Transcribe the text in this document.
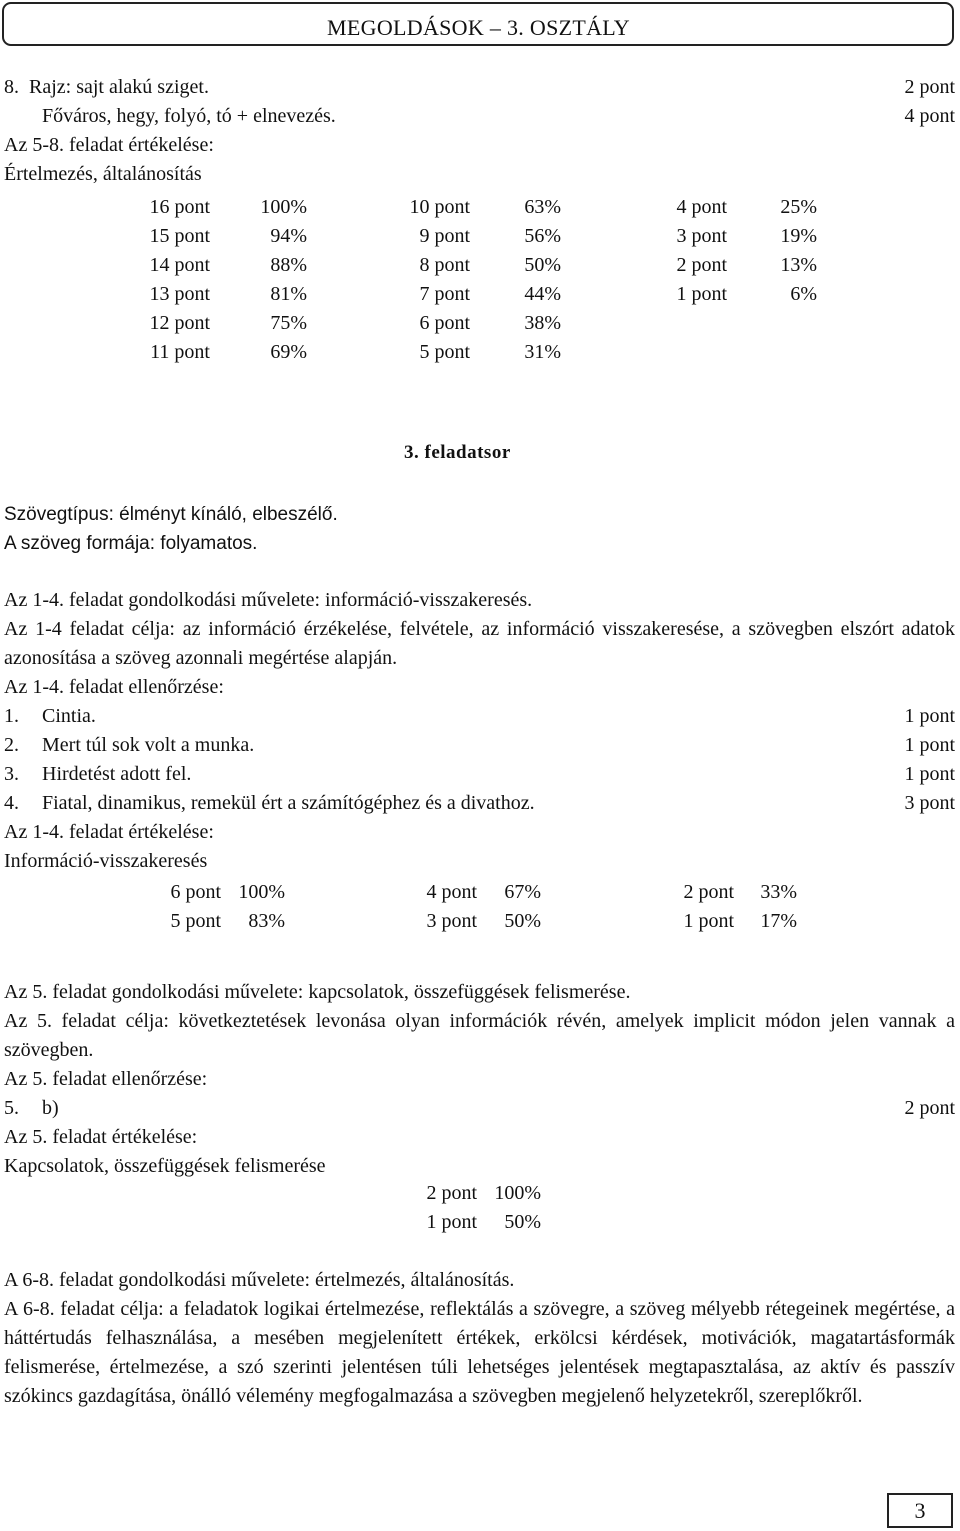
MEGOLDÁSOK – 3. OSZTÁLY
8.  Rajz: sajt alakú sziget.	2 pont
Főváros, hegy, folyó, tó + elnevezés.	4 pont
Az 5-8. feladat értékelése:
Értelmezés, általánosítás
16 pont	100%	10 pont	63%	4 pont	25%
15 pont	94%	9 pont	56%	3 pont	19%
14 pont	88%	8 pont	50%	2 pont	13%
13 pont	81%	7 pont	44%	1 pont	6%
12 pont	75%	6 pont	38%
11 pont	69%	5 pont	31%
3. feladatsor
Szövegtípus: élményt kínáló, elbeszélő.
A szöveg formája: folyamatos.
Az 1-4. feladat gondolkodási művelete: információ-visszakeresés.
Az 1-4 feladat célja: az információ érzékelése, felvétele, az információ visszakeresése, a szövegben elszórt adatok azonosítása a szöveg azonnali megértése alapján.
Az 1-4. feladat ellenőrzése:
1. Cintia.	1 pont
2. Mert túl sok volt a munka.	1 pont
3. Hirdetést adott fel.	1 pont
4. Fiatal, dinamikus, remekül ért a számítógéphez és a divathoz.	3 pont
Az 1-4. feladat értékelése:
Információ-visszakeresés
6 pont 100%	4 pont	67%	2 pont	33%
5 pont	83%	3 pont	50%	1 pont	17%
Az 5. feladat gondolkodási művelete: kapcsolatok, összefüggések felismerése.
Az 5. feladat célja: következtetések levonása olyan információk révén, amelyek implicit módon jelen vannak a szövegben.
Az 5. feladat ellenőrzése:
5. b)	2 pont
Az 5. feladat értékelése:
Kapcsolatok, összefüggések felismerése
2 pont 100%
1 pont	50%
A 6-8. feladat gondolkodási művelete: értelmezés, általánosítás.
A 6-8. feladat célja: a feladatok logikai értelmezése, reflektálás a szövegre, a szöveg mélyebb rétegeinek megértése, a háttértudás felhasználása, a mesében megjelenített értékek, erkölcsi kérdések, motivációk, magatartásformák felismerése, értelmezése, a szó szerinti jelentésen túli lehetséges jelentések megtapasztalása, az aktív és passzív szókincs gazdagítása, önálló vélemény megfogalmazása a szövegben megjelenő helyzetekről, szereplőkről.
3
